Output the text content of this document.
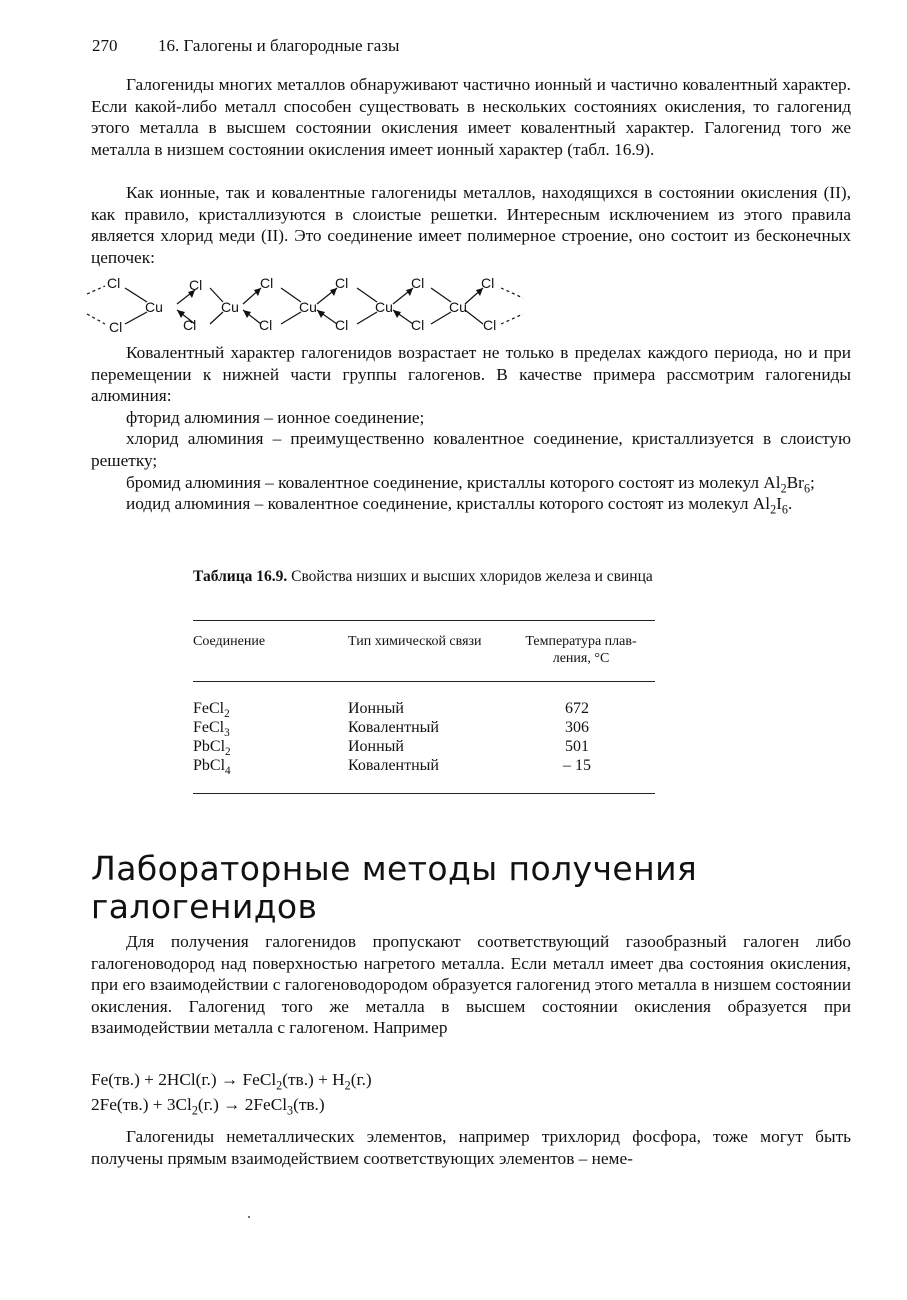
270 16. Галогены и благородные газы

Галогениды многих металлов обнаруживают частично ионный и частично ковалентный характер. Если какой-либо металл способен существовать в нескольких состояниях окисления, то галогенид этого металла в высшем состоянии окисления имеет ковалентный характер. Галогенид того же металла в низшем состоянии окисления имеет ионный характер (табл. 16.9).

Как ионные, так и ковалентные галогениды металлов, находящихся в состоянии окисления (II), как правило, кристаллизуются в слоистые решетки. Интересным исключением из этого правила является хлорид меди (II). Это соединение имеет полимерное строение, оно состоит из бесконечных цепочек:

Cl	Cl	Cl	Cl	Cl	Cl
Cl	Cl	Cl	Cl	Cl	Cl
Cu	Cu	Cu	Cu	Cu

Ковалентный характер галогенидов возрастает не только в пределах каждого периода, но и при перемещении к нижней части группы галогенов. В качестве примера рассмотрим галогениды алюминия:

фторид алюминия – ионное соединение;

хлорид алюминия – преимущественно ковалентное соединение, кристаллизуется в слоистую решетку;

бромид алюминия – ковалентное соединение, кристаллы которого состоят из молекул $Al_2Br_6$;

иодид алюминия – ковалентное соединение, кристаллы которого состоят из молекул $Al_2I_6$.

Таблица 16.9. Свойства низших и высших хлоридов железа и свинца
Соединение	Тип химической связи	Температура плав-
ления, °С
FeCl$_2$	Ионный	672
FeCl$_3$	Ковалентный	306
PbCl$_2$	Ионный	501
PbCl$_4$	Ковалентный	– 15
Лабораторные методы получения
галогенидов

Для получения галогенидов пропускают соответствующий газообразный галоген либо галогеноводород над поверхностью нагретого металла. Если металл имеет два состояния окисления, при его взаимодействии с галогеноводородом образуется галогенид этого металла в низшем состоянии окисления. Галогенид того же металла в высшем состоянии окисления образуется при взаимодействии металла с галогеном. Например

Fe(тв.) + 2HCl(г.) → FeCl$_2$(тв.) + $H_2(г.)$
$2Fe(тв.) + 3Cl_2(г.)$ → 2FeCl$_3$(тв.)

Галогениды неметаллических элементов, например трихлорид фосфора, тоже могут быть получены прямым взаимодействием соответствующих элементов – неме-
